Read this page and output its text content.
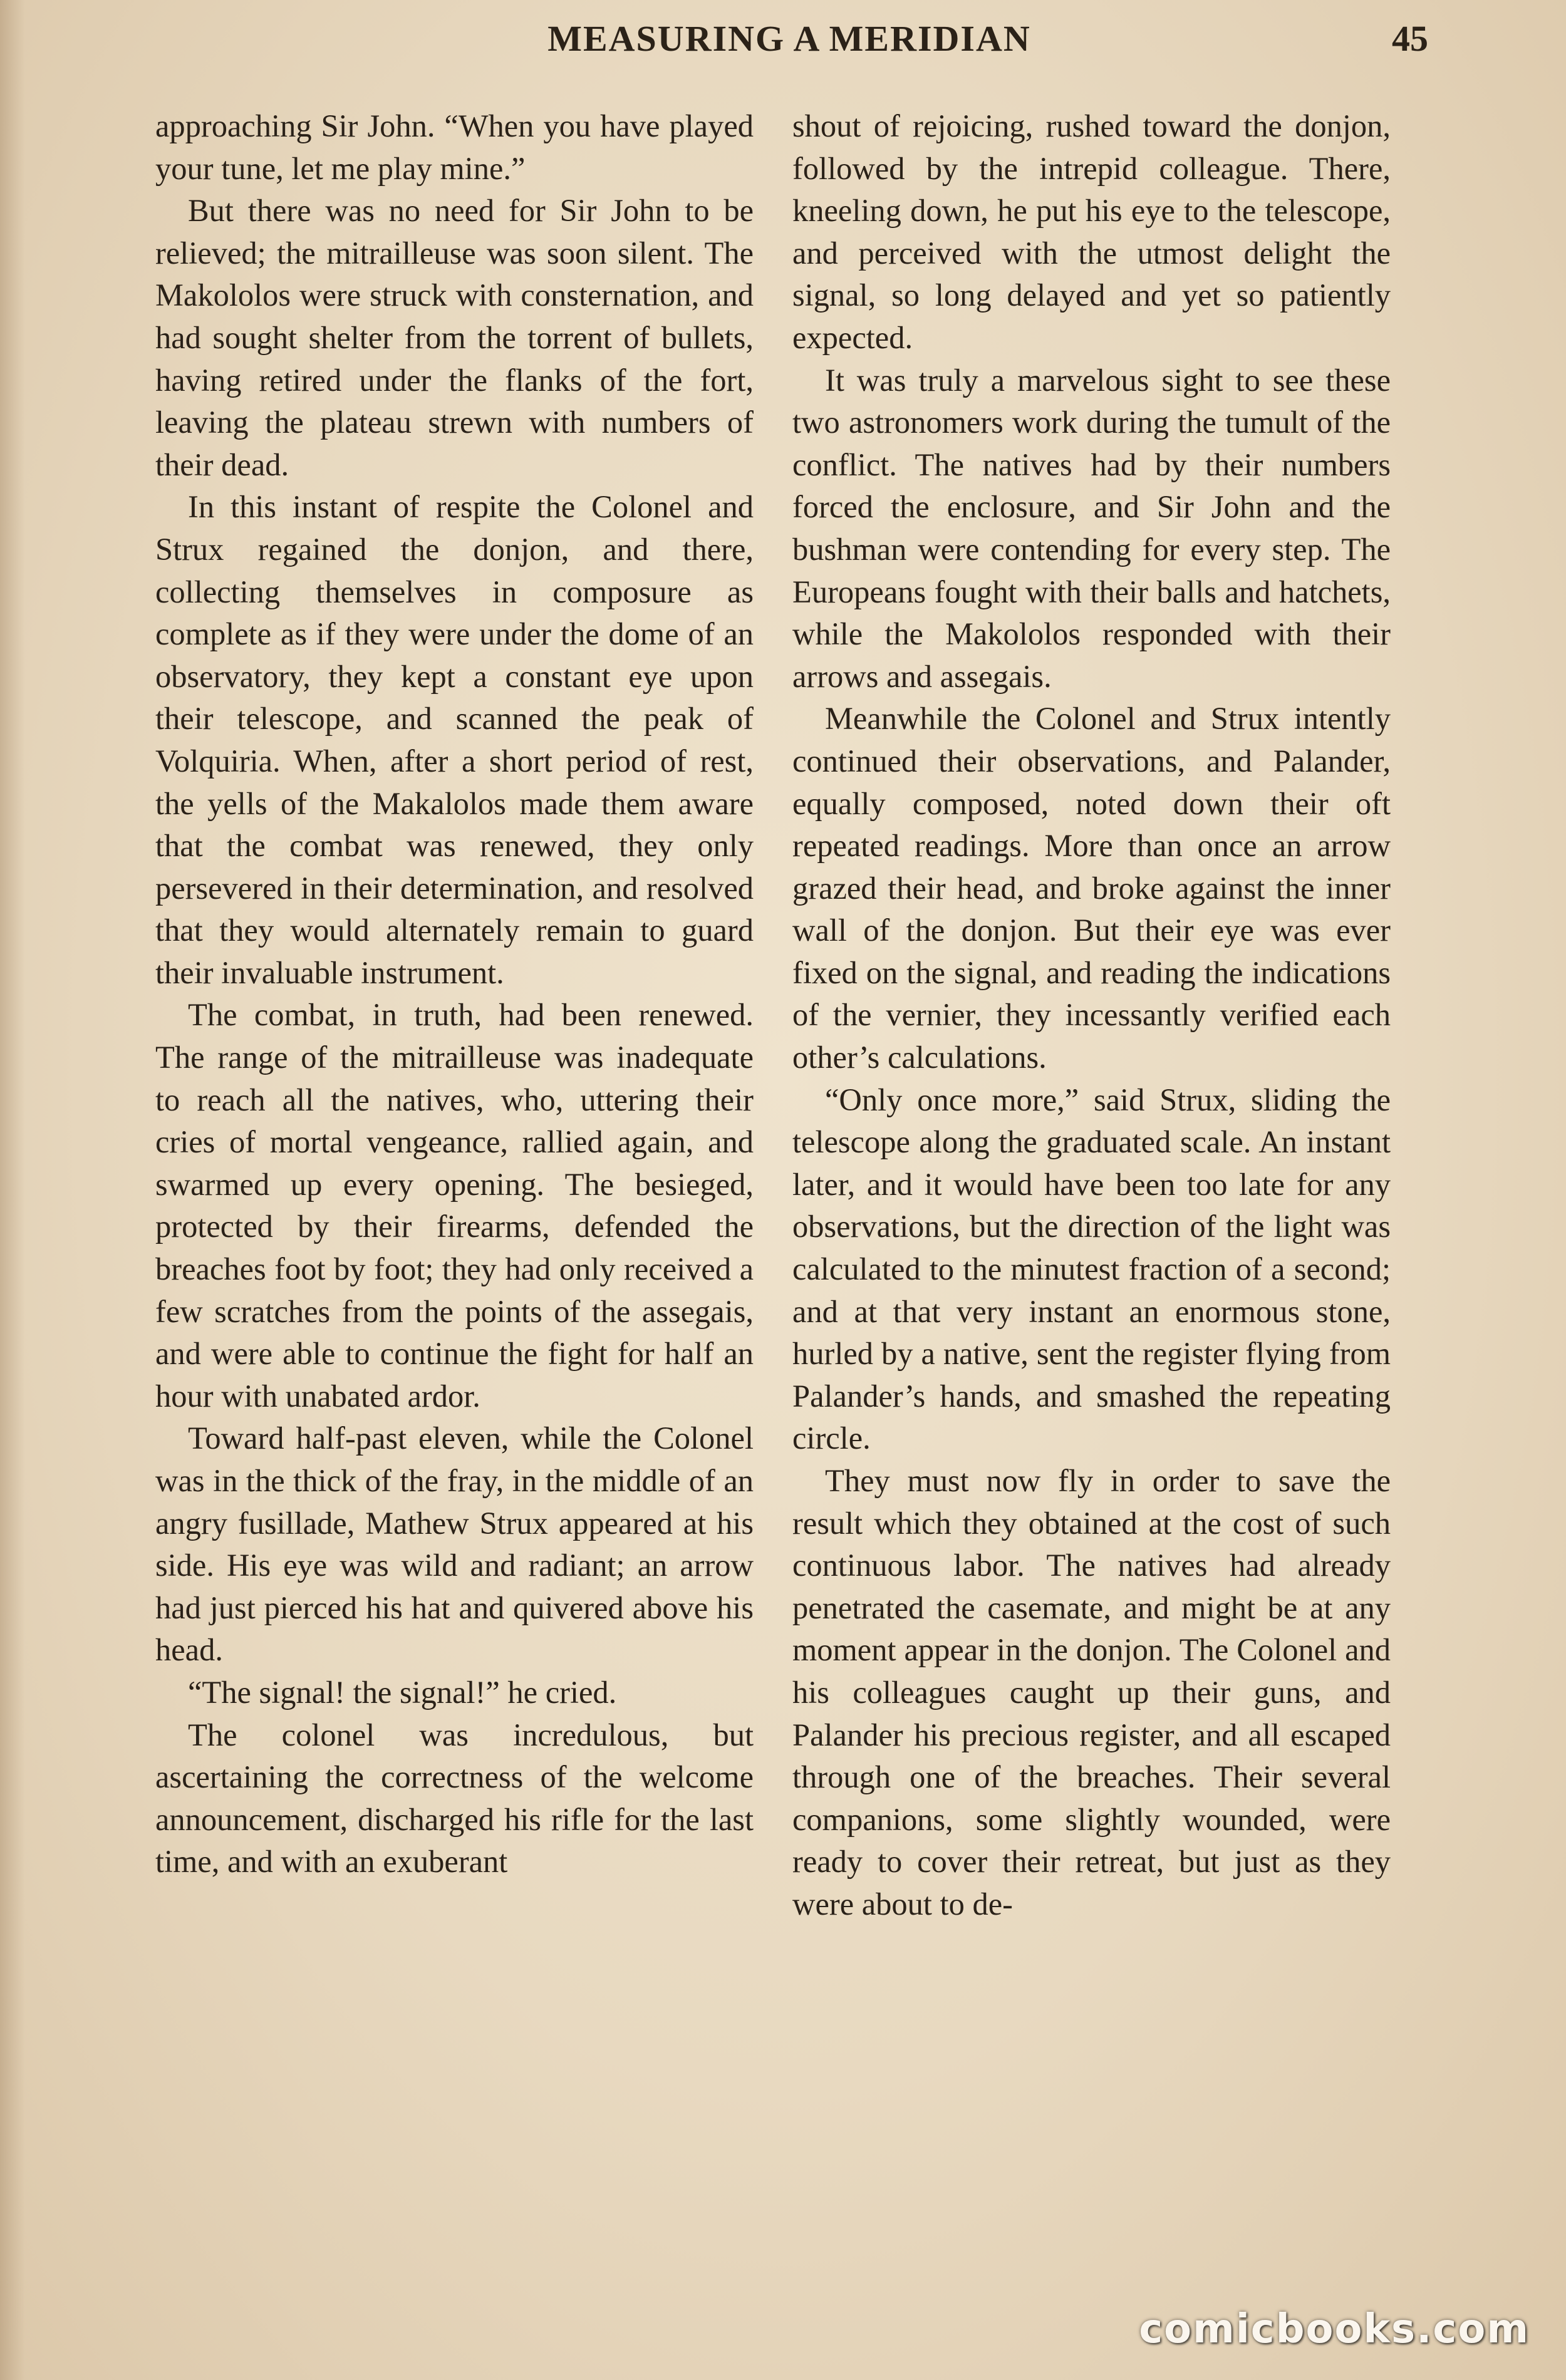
MEASURING A MERIDIAN	45

approaching Sir John. “When you have played your tune, let me play mine.”

But there was no need for Sir John to be relieved; the mitrailleuse was soon silent. The Makololos were struck with consternation, and had sought shelter from the torrent of bullets, having retired under the flanks of the fort, leaving the plateau strewn with numbers of their dead.

In this instant of respite the Colonel and Strux regained the donjon, and there, collecting themselves in composure as complete as if they were under the dome of an observatory, they kept a constant eye upon their telescope, and scanned the peak of Volquiria. When, after a short period of rest, the yells of the Makalolos made them aware that the combat was renewed, they only persevered in their determination, and resolved that they would alternately remain to guard their invaluable instrument.

The combat, in truth, had been renewed. The range of the mitrailleuse was inadequate to reach all the natives, who, uttering their cries of mortal vengeance, rallied again, and swarmed up every opening. The besieged, protected by their firearms, defended the breaches foot by foot; they had only received a few scratches from the points of the assegais, and were able to continue the fight for half an hour with unabated ardor.

Toward half-past eleven, while the Colonel was in the thick of the fray, in the middle of an angry fusillade, Mathew Strux appeared at his side. His eye was wild and radiant; an arrow had just pierced his hat and quivered above his head.

“The signal! the signal!” he cried.

The colonel was incredulous, but ascertaining the correctness of the welcome announcement, discharged his rifle for the last time, and with an exuberant

shout of rejoicing, rushed toward the donjon, followed by the intrepid colleague. There, kneeling down, he put his eye to the telescope, and perceived with the utmost delight the signal, so long delayed and yet so patiently expected.

It was truly a marvelous sight to see these two astronomers work during the tumult of the conflict. The natives had by their numbers forced the enclosure, and Sir John and the bushman were contending for every step. The Europeans fought with their balls and hatchets, while the Makololos responded with their arrows and assegais.

Meanwhile the Colonel and Strux intently continued their observations, and Palander, equally composed, noted down their oft repeated readings. More than once an arrow grazed their head, and broke against the inner wall of the donjon. But their eye was ever fixed on the signal, and reading the indications of the vernier, they incessantly verified each other’s calculations.

“Only once more,” said Strux, sliding the telescope along the graduated scale. An instant later, and it would have been too late for any observations, but the direction of the light was calculated to the minutest fraction of a second; and at that very instant an enormous stone, hurled by a native, sent the register flying from Palander’s hands, and smashed the repeating circle.

They must now fly in order to save the result which they obtained at the cost of such continuous labor. The natives had already penetrated the casemate, and might be at any moment appear in the donjon. The Colonel and his colleagues caught up their guns, and Palander his precious register, and all escaped through one of the breaches. Their several companions, some slightly wounded, were ready to cover their retreat, but just as they were about to de-

comicbooks.com
